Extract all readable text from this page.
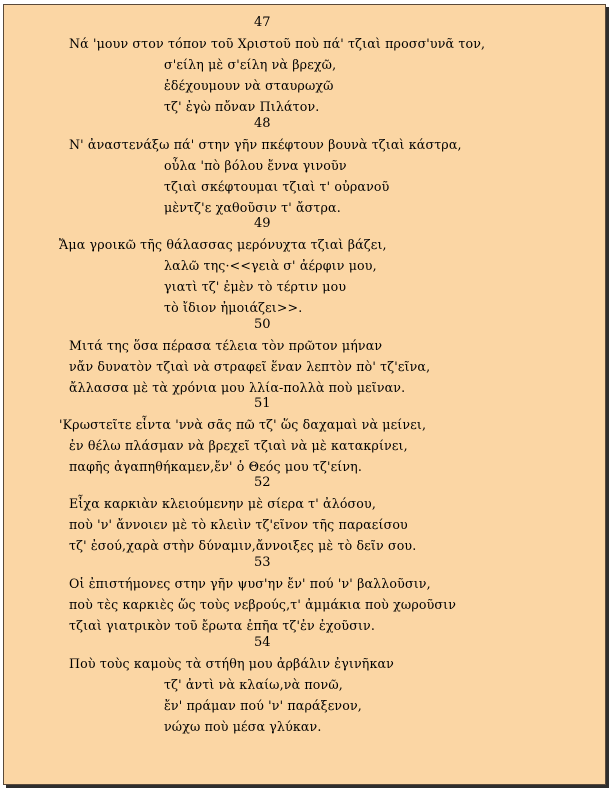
47
Νά 'μουν στον τόπον τοῦ Χριστοῦ ποὺ πά' τζιαὶ προσσ'υνᾶ τον,
σ'είλη μὲ σ'είλη νὰ βρεχῶ,
ἐδέχουμουν νὰ σταυρωχῶ
τζ' ἐγὼ πὄναν Πιλάτον.
48
Ν' ἀναστενάξω πά' στην γῆν πκέφτουν βουνὰ τζιαὶ κάστρα,
οὖλα 'πὸ βόλου ἔννα γινοῦν
τζιαὶ σκέφτουμαι τζιαὶ τ' οὐρανοῦ
μὲντζ'ε χαθοῦσιν τ' ἄστρα.
49
Ἄμα γροικῶ τῆς θάλασσας μερόνυχτα τζιαὶ βάζει,
λαλῶ της·<<γειὰ σ' ἀέρφιν μου,
γιατὶ τζ' ἐμὲν τὸ τέρτιν μου
τὸ ἴδιον ἠμοιάζει>>.
50
Μιτά της ὅσα πέρασα τέλεια τὸν πρῶτον μήναν
νἄν δυνατὸν τζιαὶ νὰ στραφεῖ ἕναν λεπτὸν πὸ' τζ'εῖνα,
ἄλλασσα μὲ τὰ χρόνια μου λλία-πολλὰ ποὺ μεῖναν.
51
'Κρωστεῖτε εἶντα 'ννὰ σᾶς πῶ τζ' ὥς δαχαμαὶ νὰ μείνει,
ἐν θέλω πλάσμαν νὰ βρεχεῖ τζιαὶ νὰ μὲ κατακρίνει,
παφῆς ἀγαπηθήκαμεν,ἔν' ὁ Θεός μου τζ'είνη.
52
Εἶχα καρκιὰν κλειούμενην μὲ σίερα τ' ἀλόσου,
ποὺ 'ν' ἄννοιεν μὲ τὸ κλειὶν τζ'εῖνον τῆς παραείσου
τζ' ἐσού,χαρὰ στὴν δύναμιν,ἄννοιξες μὲ τὸ δεῖν σου.
53
Οἱ ἐπιστήμονες στην γῆν ψυσ'ην ἔν' πού 'ν' βαλλοῦσιν,
ποὺ τὲς καρκιὲς ὥς τοὺς νεβρούς,τ' ἀμμάκια ποὺ χωροῦσιν
τζιαὶ γιατρικὸν τοῦ ἔρωτα ἐπῆα τζ'ἐν ἐχοῦσιν.
54
Ποὺ τοὺς καμοὺς τὰ στήθη μου ἀρβάλιν ἐγινῆκαν
τζ' ἀντὶ νὰ κλαίω,νὰ πονῶ,
ἔν' πράμαν πού 'ν' παράξενον,
νώχω ποὺ μέσα γλύκαν.
